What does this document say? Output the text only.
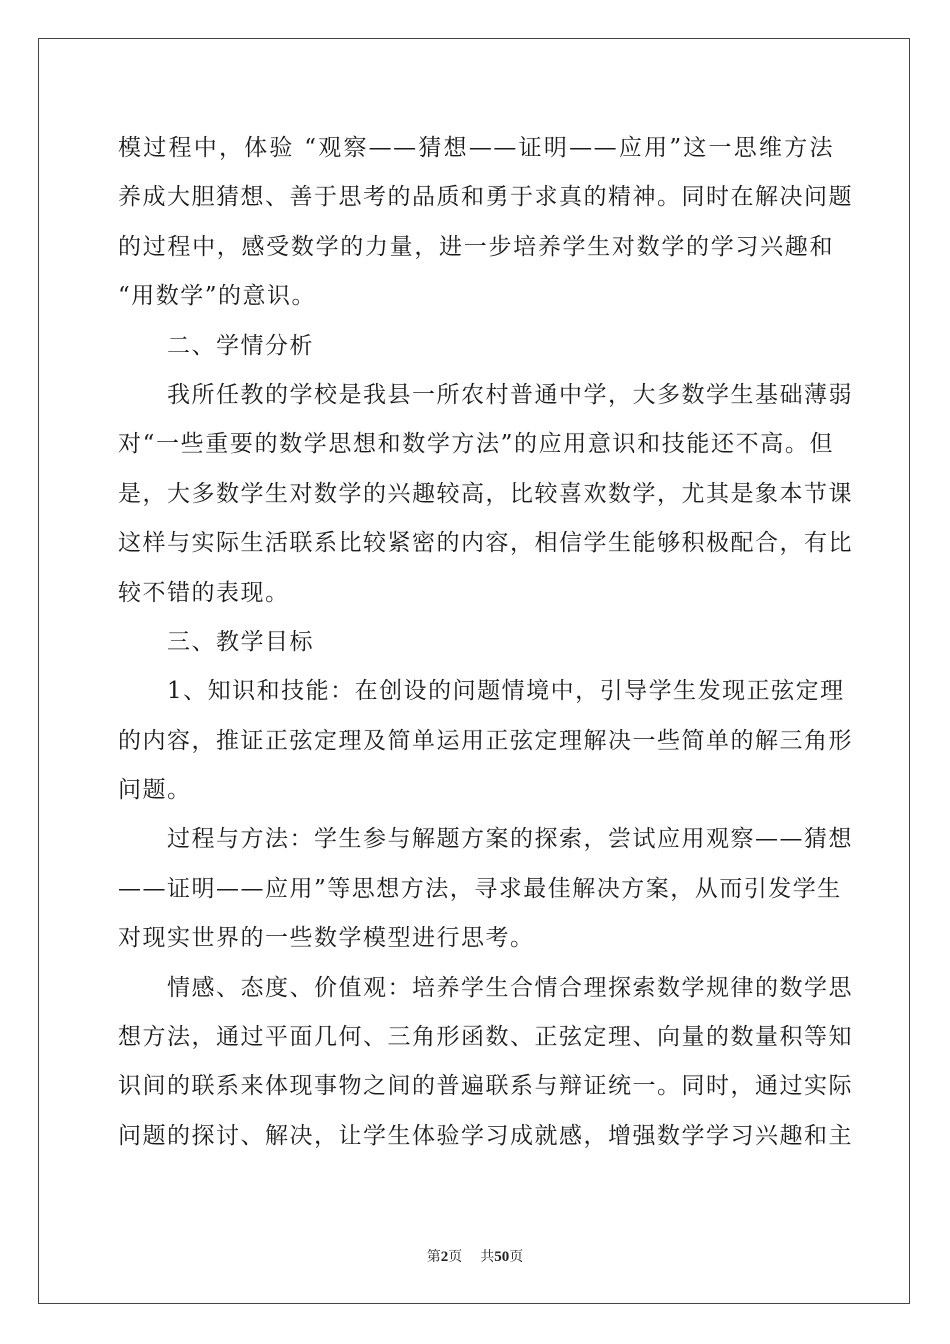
模过程中，体验 “观察——猜想——证明——应用”这一思维方法
养成大胆猜想、善于思考的品质和勇于求真的精神。同时在解决问题
的过程中，感受数学的力量，进一步培养学生对数学的学习兴趣和
“用数学”的意识。
　　二、学情分析
　　我所任教的学校是我县一所农村普通中学，大多数学生基础薄弱
对“一些重要的数学思想和数学方法”的应用意识和技能还不高。但
是，大多数学生对数学的兴趣较高，比较喜欢数学，尤其是象本节课
这样与实际生活联系比较紧密的内容，相信学生能够积极配合，有比
较不错的表现。
　　三、教学目标
　　1、知识和技能：在创设的问题情境中，引导学生发现正弦定理
的内容，推证正弦定理及简单运用正弦定理解决一些简单的解三角形
问题。
　　过程与方法：学生参与解题方案的探索，尝试应用观察——猜想
——证明——应用”等思想方法，寻求最佳解决方案，从而引发学生
对现实世界的一些数学模型进行思考。
　　情感、态度、价值观：培养学生合情合理探索数学规律的数学思
想方法，通过平面几何、三角形函数、正弦定理、向量的数量积等知
识间的联系来体现事物之间的普遍联系与辩证统一。同时，通过实际
问题的探讨、解决，让学生体验学习成就感，增强数学学习兴趣和主
第2页 共50页
